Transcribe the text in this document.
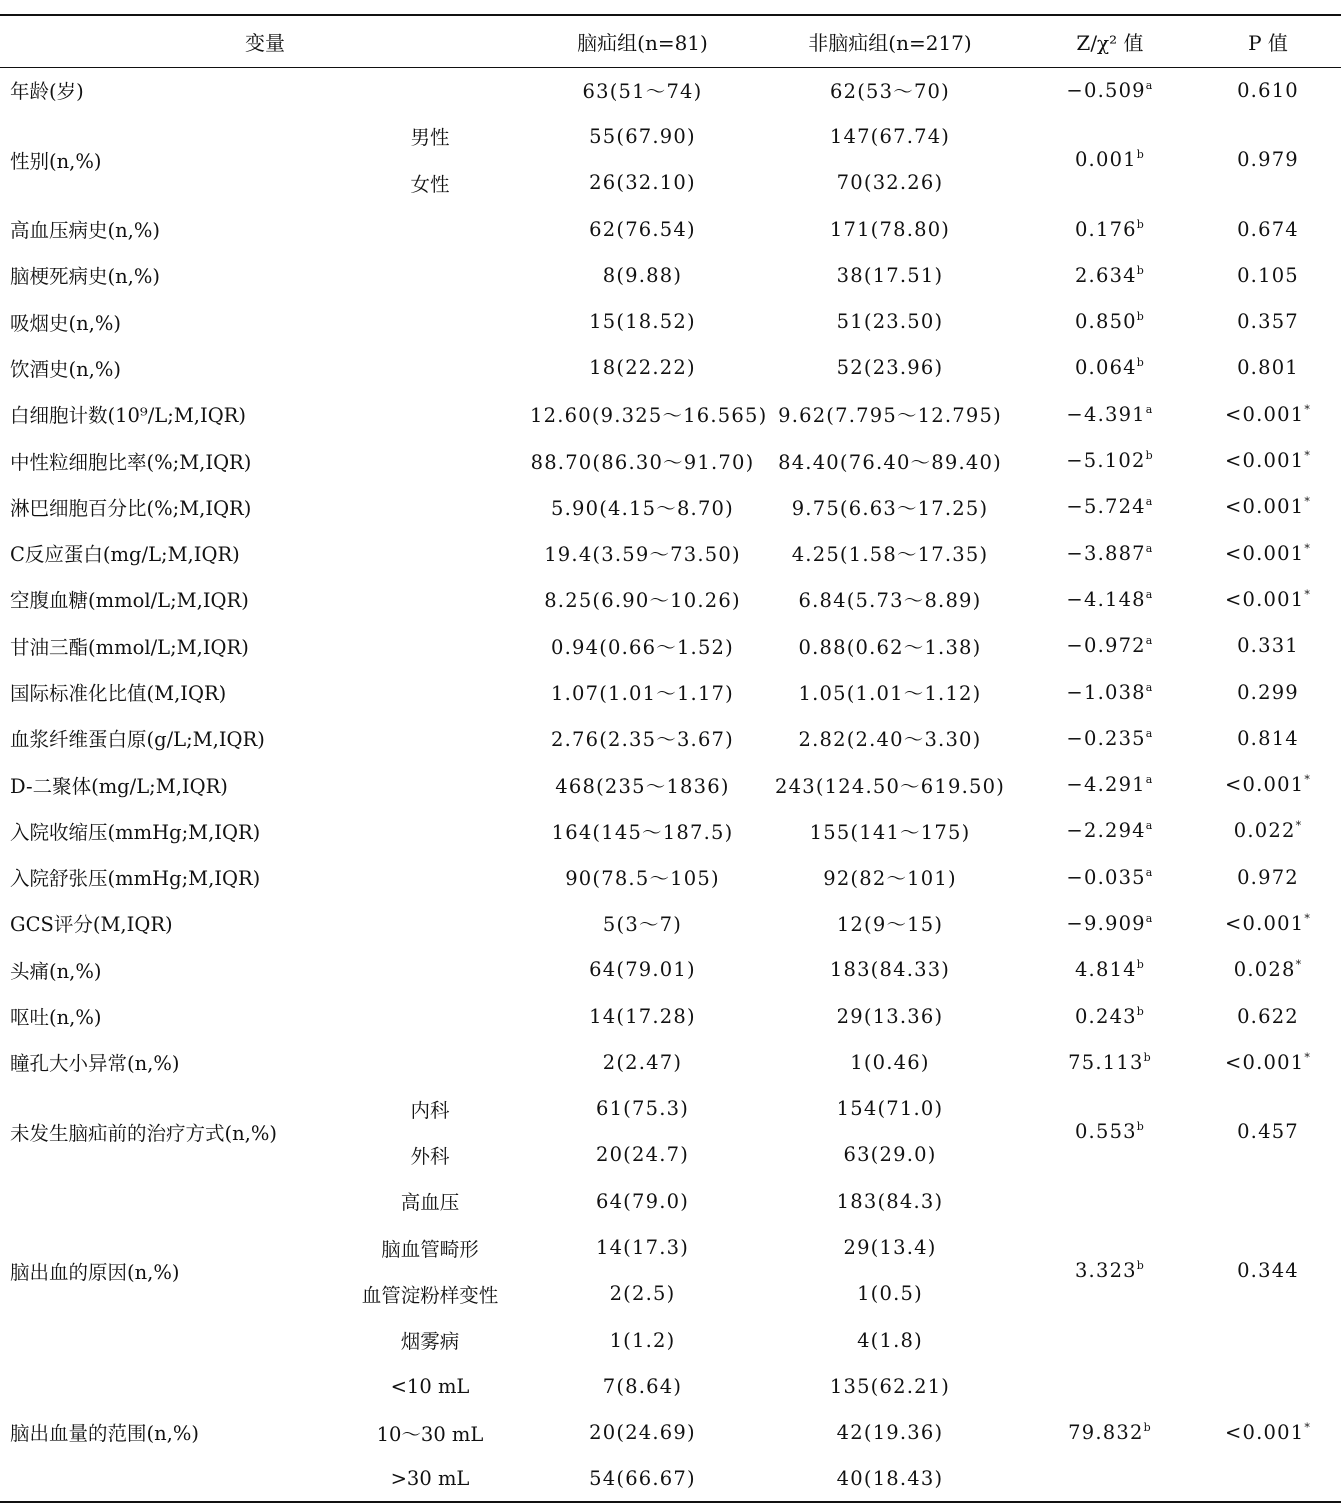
变量		脑疝组(n=81)	非脑疝组(n=217)	Z/χ² 值	P 值
年龄(岁)		63(51～74)	62(53～70)	−0.509$^a$	0.610
性别(n,%)	男性	55(67.90)	147(67.74)	0.001$^b$	0.979
	女性	26(32.10)	70(32.26)		
高血压病史(n,%)		62(76.54)	171(78.80)	0.176$^b$	0.674
脑梗死病史(n,%)		8(9.88)	38(17.51)	2.634$^b$	0.105
吸烟史(n,%)		15(18.52)	51(23.50)	0.850$^b$	0.357
饮酒史(n,%)		18(22.22)	52(23.96)	0.064$^b$	0.801
白细胞计数(10⁹/L;M,IQR)		12.60(9.325～16.565)	9.62(7.795～12.795)	−4.391$^a$	<0.001*
中性粒细胞比率(%;M,IQR)		88.70(86.30～91.70)	84.40(76.40～89.40)	−5.102$^b$	<0.001*
淋巴细胞百分比(%;M,IQR)		5.90(4.15～8.70)	9.75(6.63～17.25)	−5.724$^a$	<0.001*
C反应蛋白(mg/L;M,IQR)		19.4(3.59～73.50)	4.25(1.58～17.35)	−3.887$^a$	<0.001*
空腹血糖(mmol/L;M,IQR)		8.25(6.90～10.26)	6.84(5.73～8.89)	−4.148$^a$	<0.001*
甘油三酯(mmol/L;M,IQR)		0.94(0.66～1.52)	0.88(0.62～1.38)	−0.972$^a$	0.331
国际标准化比值(M,IQR)		1.07(1.01～1.17)	1.05(1.01～1.12)	−1.038$^a$	0.299
血浆纤维蛋白原(g/L;M,IQR)		2.76(2.35～3.67)	2.82(2.40～3.30)	−0.235$^a$	0.814
D-二聚体(mg/L;M,IQR)		468(235～1836)	243(124.50～619.50)	−4.291$^a$	<0.001*
入院收缩压(mmHg;M,IQR)		164(145～187.5)	155(141～175)	−2.294$^a$	0.022*
入院舒张压(mmHg;M,IQR)		90(78.5～105)	92(82～101)	−0.035$^a$	0.972
GCS评分(M,IQR)		5(3～7)	12(9～15)	−9.909$^a$	<0.001*
头痛(n,%)		64(79.01)	183(84.33)	4.814$^b$	0.028*
呕吐(n,%)		14(17.28)	29(13.36)	0.243$^b$	0.622
瞳孔大小异常(n,%)		2(2.47)	1(0.46)	75.113$^b$	<0.001*
未发生脑疝前的治疗方式(n,%)	内科	61(75.3)	154(71.0)	0.553$^b$	0.457
	外科	20(24.7)	63(29.0)		
脑出血的原因(n,%)	高血压	64(79.0)	183(84.3)	3.323$^b$	0.344
	脑血管畸形	14(17.3)	29(13.4)		
	血管淀粉样变性	2(2.5)	1(0.5)		
	烟雾病	1(1.2)	4(1.8)		
脑出血量的范围(n,%)	<10 mL	7(8.64)	135(62.21)	79.832$^b$	<0.001*
	10～30 mL	20(24.69)	42(19.36)		
	>30 mL	54(66.67)	40(18.43)		
